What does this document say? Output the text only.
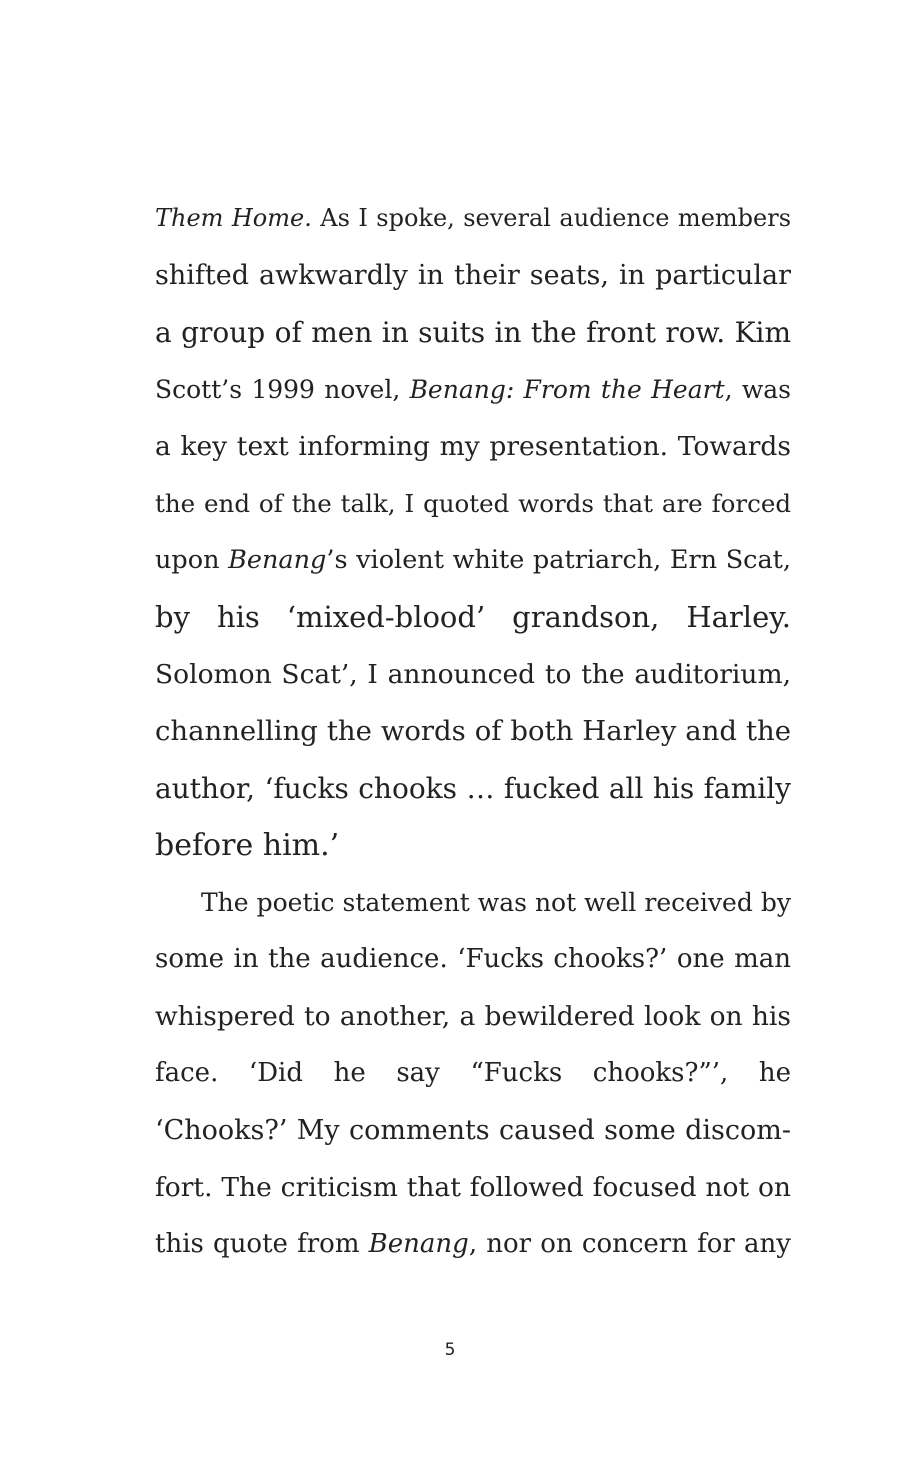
Them Home. As I spoke, several audience members
shifted awkwardly in their seats, in particular
a group of men in suits in the front row. Kim
Scott’s 1999 novel, Benang: From the Heart, was
a key text informing my presentation. Towards
the end of the talk, I quoted words that are forced
upon Benang’s violent white patriarch, Ern Scat,
by his ‘mixed-blood’ grandson, Harley.
Solomon Scat’, I announced to the auditorium,
channelling the words of both Harley and the
author, ‘fucks chooks … fucked all his family
before him.’
The poetic statement was not well received by
some in the audience. ‘Fucks chooks?’ one man
whispered to another, a bewildered look on his
face. ‘Did he say “Fucks chooks?”’, he
‘Chooks?’ My comments caused some discom-
fort. The criticism that followed focused not on
this quote from Benang, nor on concern for any
5
